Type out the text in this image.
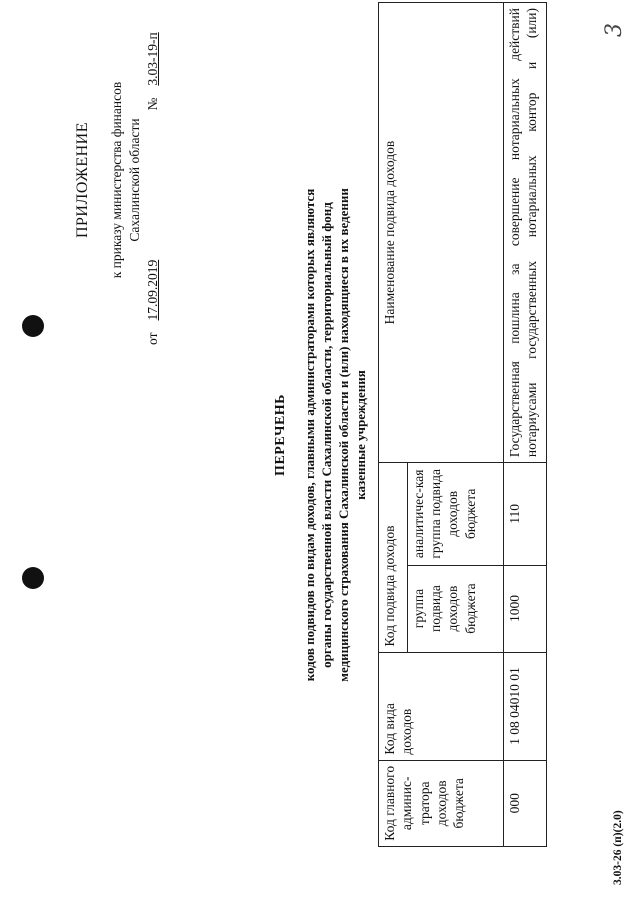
3
ПРИЛОЖЕНИЕ к приказу министерства финансов Сахалинской области
от
17.09.2019
№
3.03-19-п
ПЕРЕЧЕНЬ кодов подвидов по видам доходов, главными администраторами которых являются органы государственной власти Сахалинской области, территориальный фонд медицинского страхования Сахалинской области и (или) находящиеся в их ведении казенные учреждения
Код главного админис-тратора доходов бюджета	Код вида доходов	Код подвида доходов		Наименование подвида доходов
		группа подвида доходов бюджета	аналитичес-кая группа подвида доходов бюджета	
000	1 08 04010 01	1000	110	Государственная пошлина за совершение нотариальных действий нотариусами государственных нотариальных контор и (или)
3.03-26 (п)(2.0)
